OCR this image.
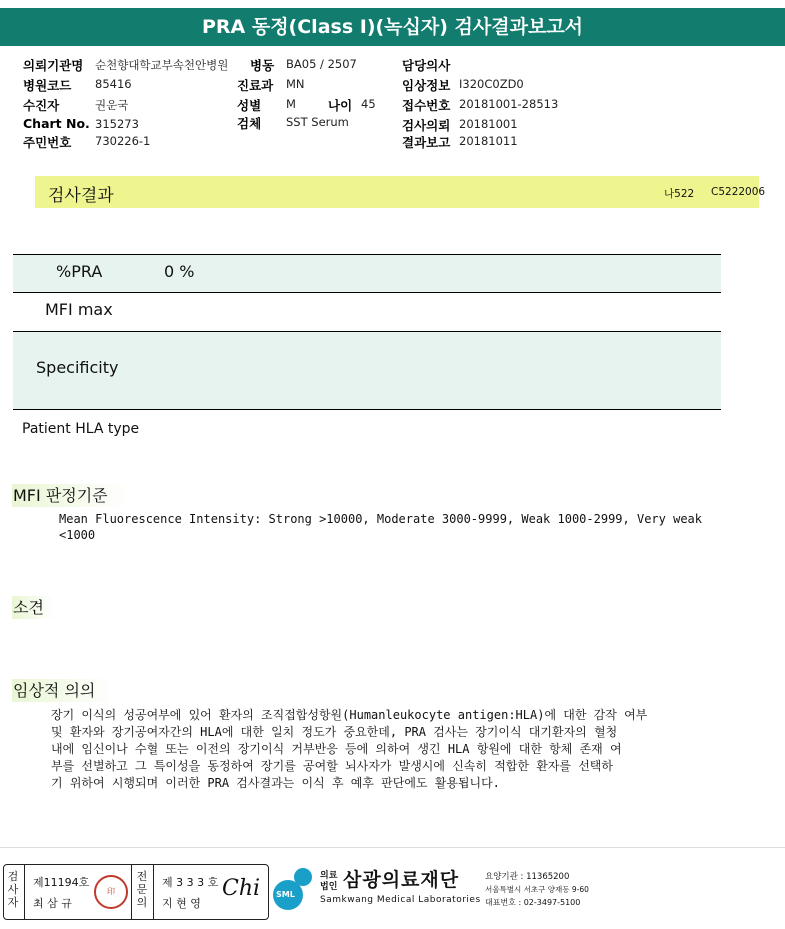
PRA 동정(Class I)(녹십자) 검사결과보고서
의뢰기관명 순천향대학교부속천안병원 병동 BA05 / 2507	담당의사
병원코드 85416	진료과 MN	임상정보 I320C0ZD0
수진자	권운국	성별 M	나이 45 접수번호 20181001-28513
Chart No. 315273	검체 SST Serum	검사의뢰 20181001
주민번호 730226-1	결과보고 20181011
검사결과	나522 C5222006
%PRA	0 %
MFI max
Specificity
Patient HLA type
MFI 판정기준
Mean Fluorescence Intensity: Strong >10000, Moderate 3000-9999, Weak 1000-2999, Very weak
<1000
소견
임상적 의의
장기 이식의 성공여부에 있어 환자의 조직접합성항원(Humanleukocyte antigen:HLA)에 대한 감작 여부
및 환자와 장기공여자간의 HLA에 대한 일치 정도가 중요한데, PRA 검사는 장기이식 대기환자의 혈청
내에 임신이나 수혈 또는 이전의 장기이식 거부반응 등에 의하여 생긴 HLA 항원에 대한 항체 존재 여
부를 선별하고 그 특이성을 동정하여 장기를 공여할 뇌사자가 발생시에 신속히 적합한 환자를 선택하
기 위하여 시행되며 이러한 PRA 검사결과는 이식 후 예후 판단에도 활용됩니다.
검사자
제11194호
최 삼 규
印
전문의
제 3 3 3 호
지 현 영
Chi SML
의료
법인 삼광의료재단
Samkwang Medical Laboratories
요양기관 : 11365200
서울특별시 서초구 양재동 9-60
대표번호 : 02-3497-5100
